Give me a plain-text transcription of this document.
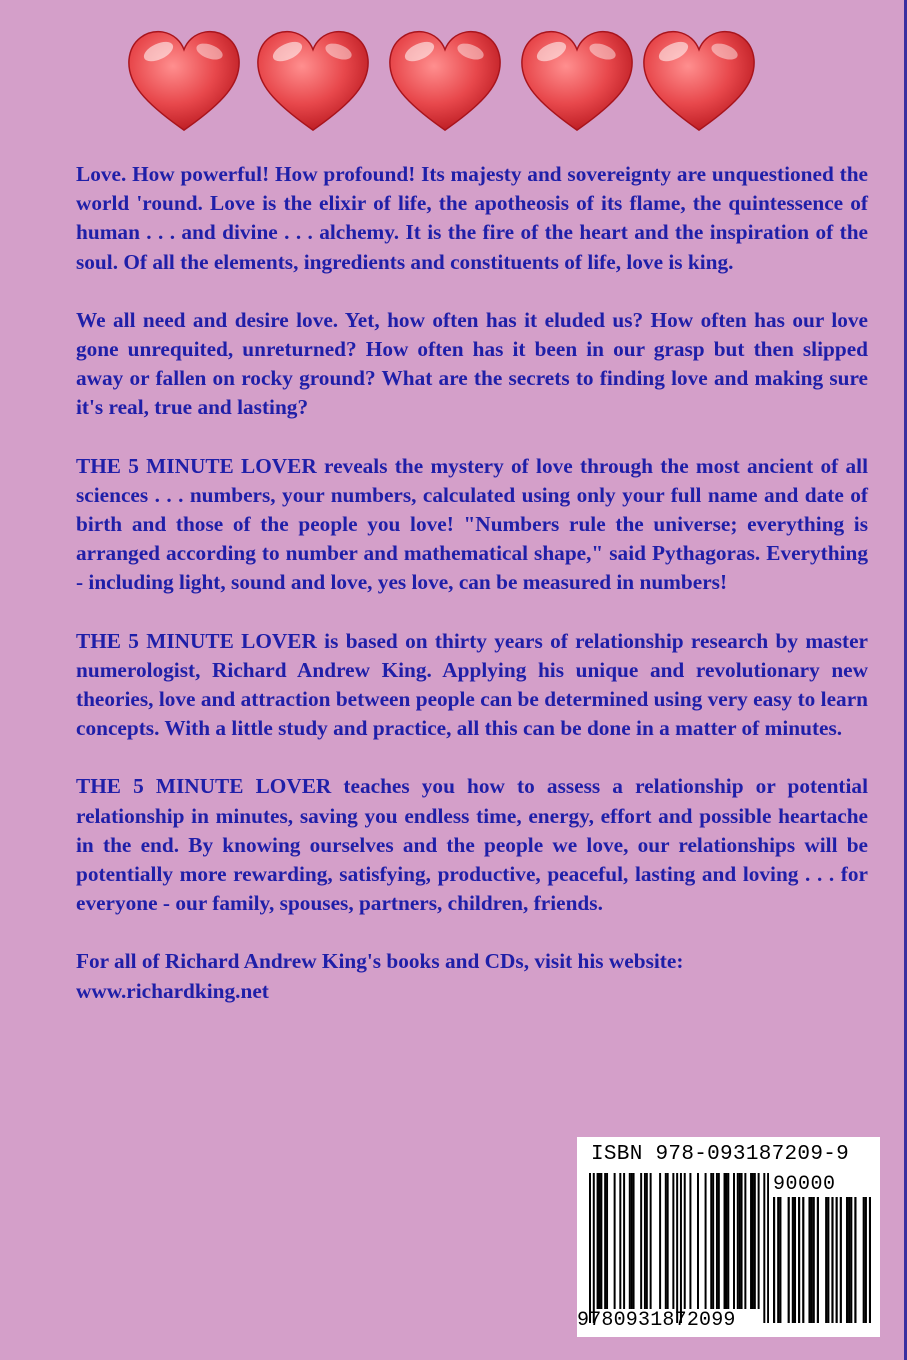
Love. How powerful! How profound! Its majesty and sovereignty are unquestioned the world 'round. Love is the elixir of life, the apotheosis of its flame, the quintessence of human . . . and divine . . . alchemy. It is the fire of the heart and the inspiration of the soul. Of all the elements, ingredients and constituents of life, love is king.

We all need and desire love. Yet, how often has it eluded us? How often has our love gone unrequited, unreturned? How often has it been in our grasp but then slipped away or fallen on rocky ground? What are the secrets to finding love and making sure it's real, true and lasting?

THE 5 MINUTE LOVER reveals the mystery of love through the most ancient of all sciences . . . numbers, your numbers, calculated using only your full name and date of birth and those of the people you love! "Numbers rule the universe; everything is arranged according to number and mathematical shape," said Pythagoras. Everything - including light, sound and love, yes love, can be measured in numbers!

THE 5 MINUTE LOVER is based on thirty years of relationship research by master numerologist, Richard Andrew King. Applying his unique and revolutionary new theories, love and attraction between people can be determined using very easy to learn concepts. With a little study and practice, all this can be done in a matter of minutes.

THE 5 MINUTE LOVER teaches you how to assess a relationship or potential relationship in minutes, saving you endless time, energy, effort and possible heartache in the end. By knowing ourselves and the people we love, our relationships will be potentially more rewarding, satisfying, productive, peaceful, lasting and loving . . . for everyone - our family, spouses, partners, children, friends.

For all of Richard Andrew King's books and CDs, visit his website:
www.richardking.net

ISBN 978-093187209-9
90000
9780931872099
